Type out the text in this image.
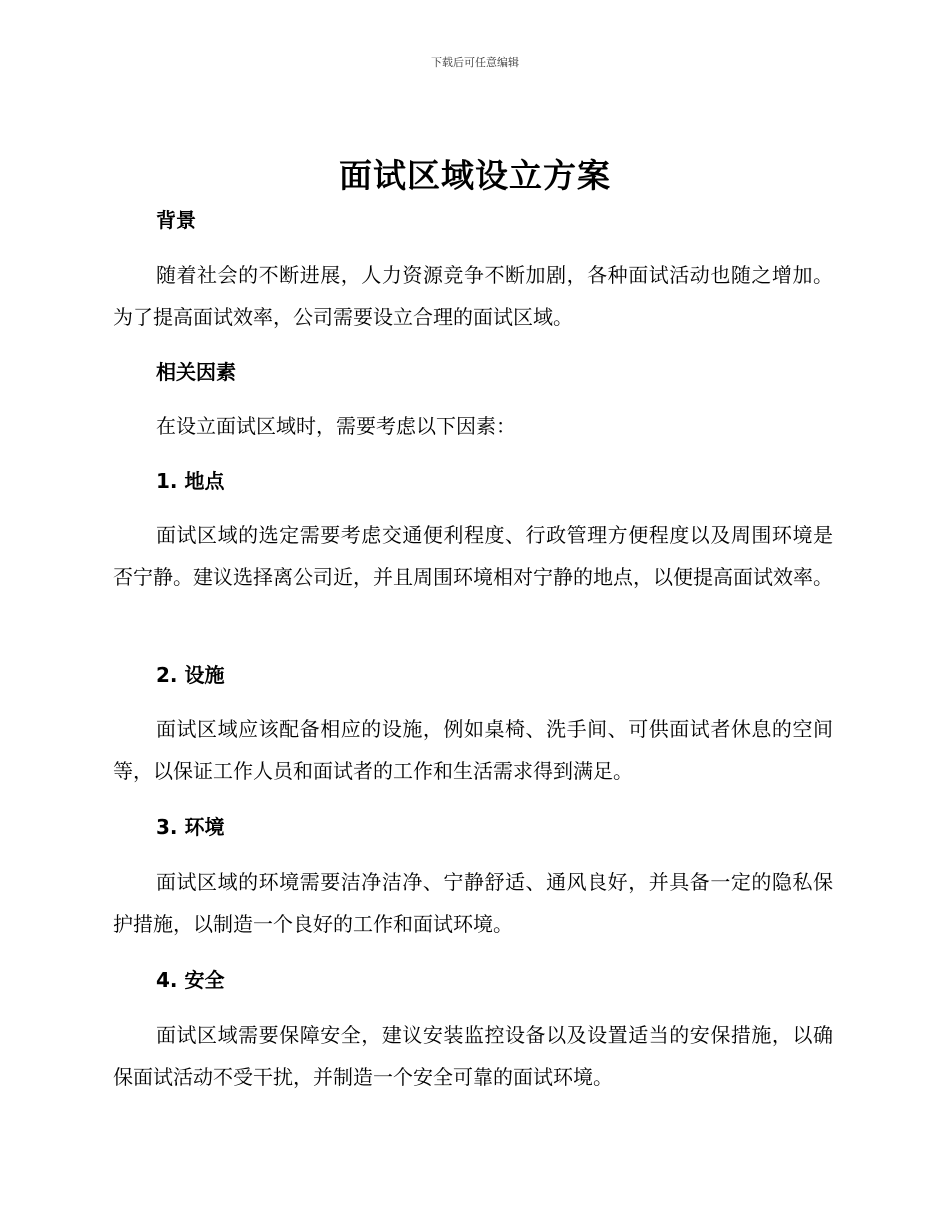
下载后可任意编辑
面试区域设立方案
背景

随着社会的不断进展，人力资源竞争不断加剧，各种面试活动也随之增加。为了提高面试效率，公司需要设立合理的面试区域。

相关因素

在设立面试区域时，需要考虑以下因素：

1. 地点

面试区域的选定需要考虑交通便利程度、行政管理方便程度以及周围环境是否宁静。建议选择离公司近，并且周围环境相对宁静的地点，以便提高面试效率。

2. 设施

面试区域应该配备相应的设施，例如桌椅、洗手间、可供面试者休息的空间等，以保证工作人员和面试者的工作和生活需求得到满足。

3. 环境

面试区域的环境需要洁净洁净、宁静舒适、通风良好，并具备一定的隐私保护措施，以制造一个良好的工作和面试环境。

4. 安全

面试区域需要保障安全，建议安装监控设备以及设置适当的安保措施，以确保面试活动不受干扰，并制造一个安全可靠的面试环境。
